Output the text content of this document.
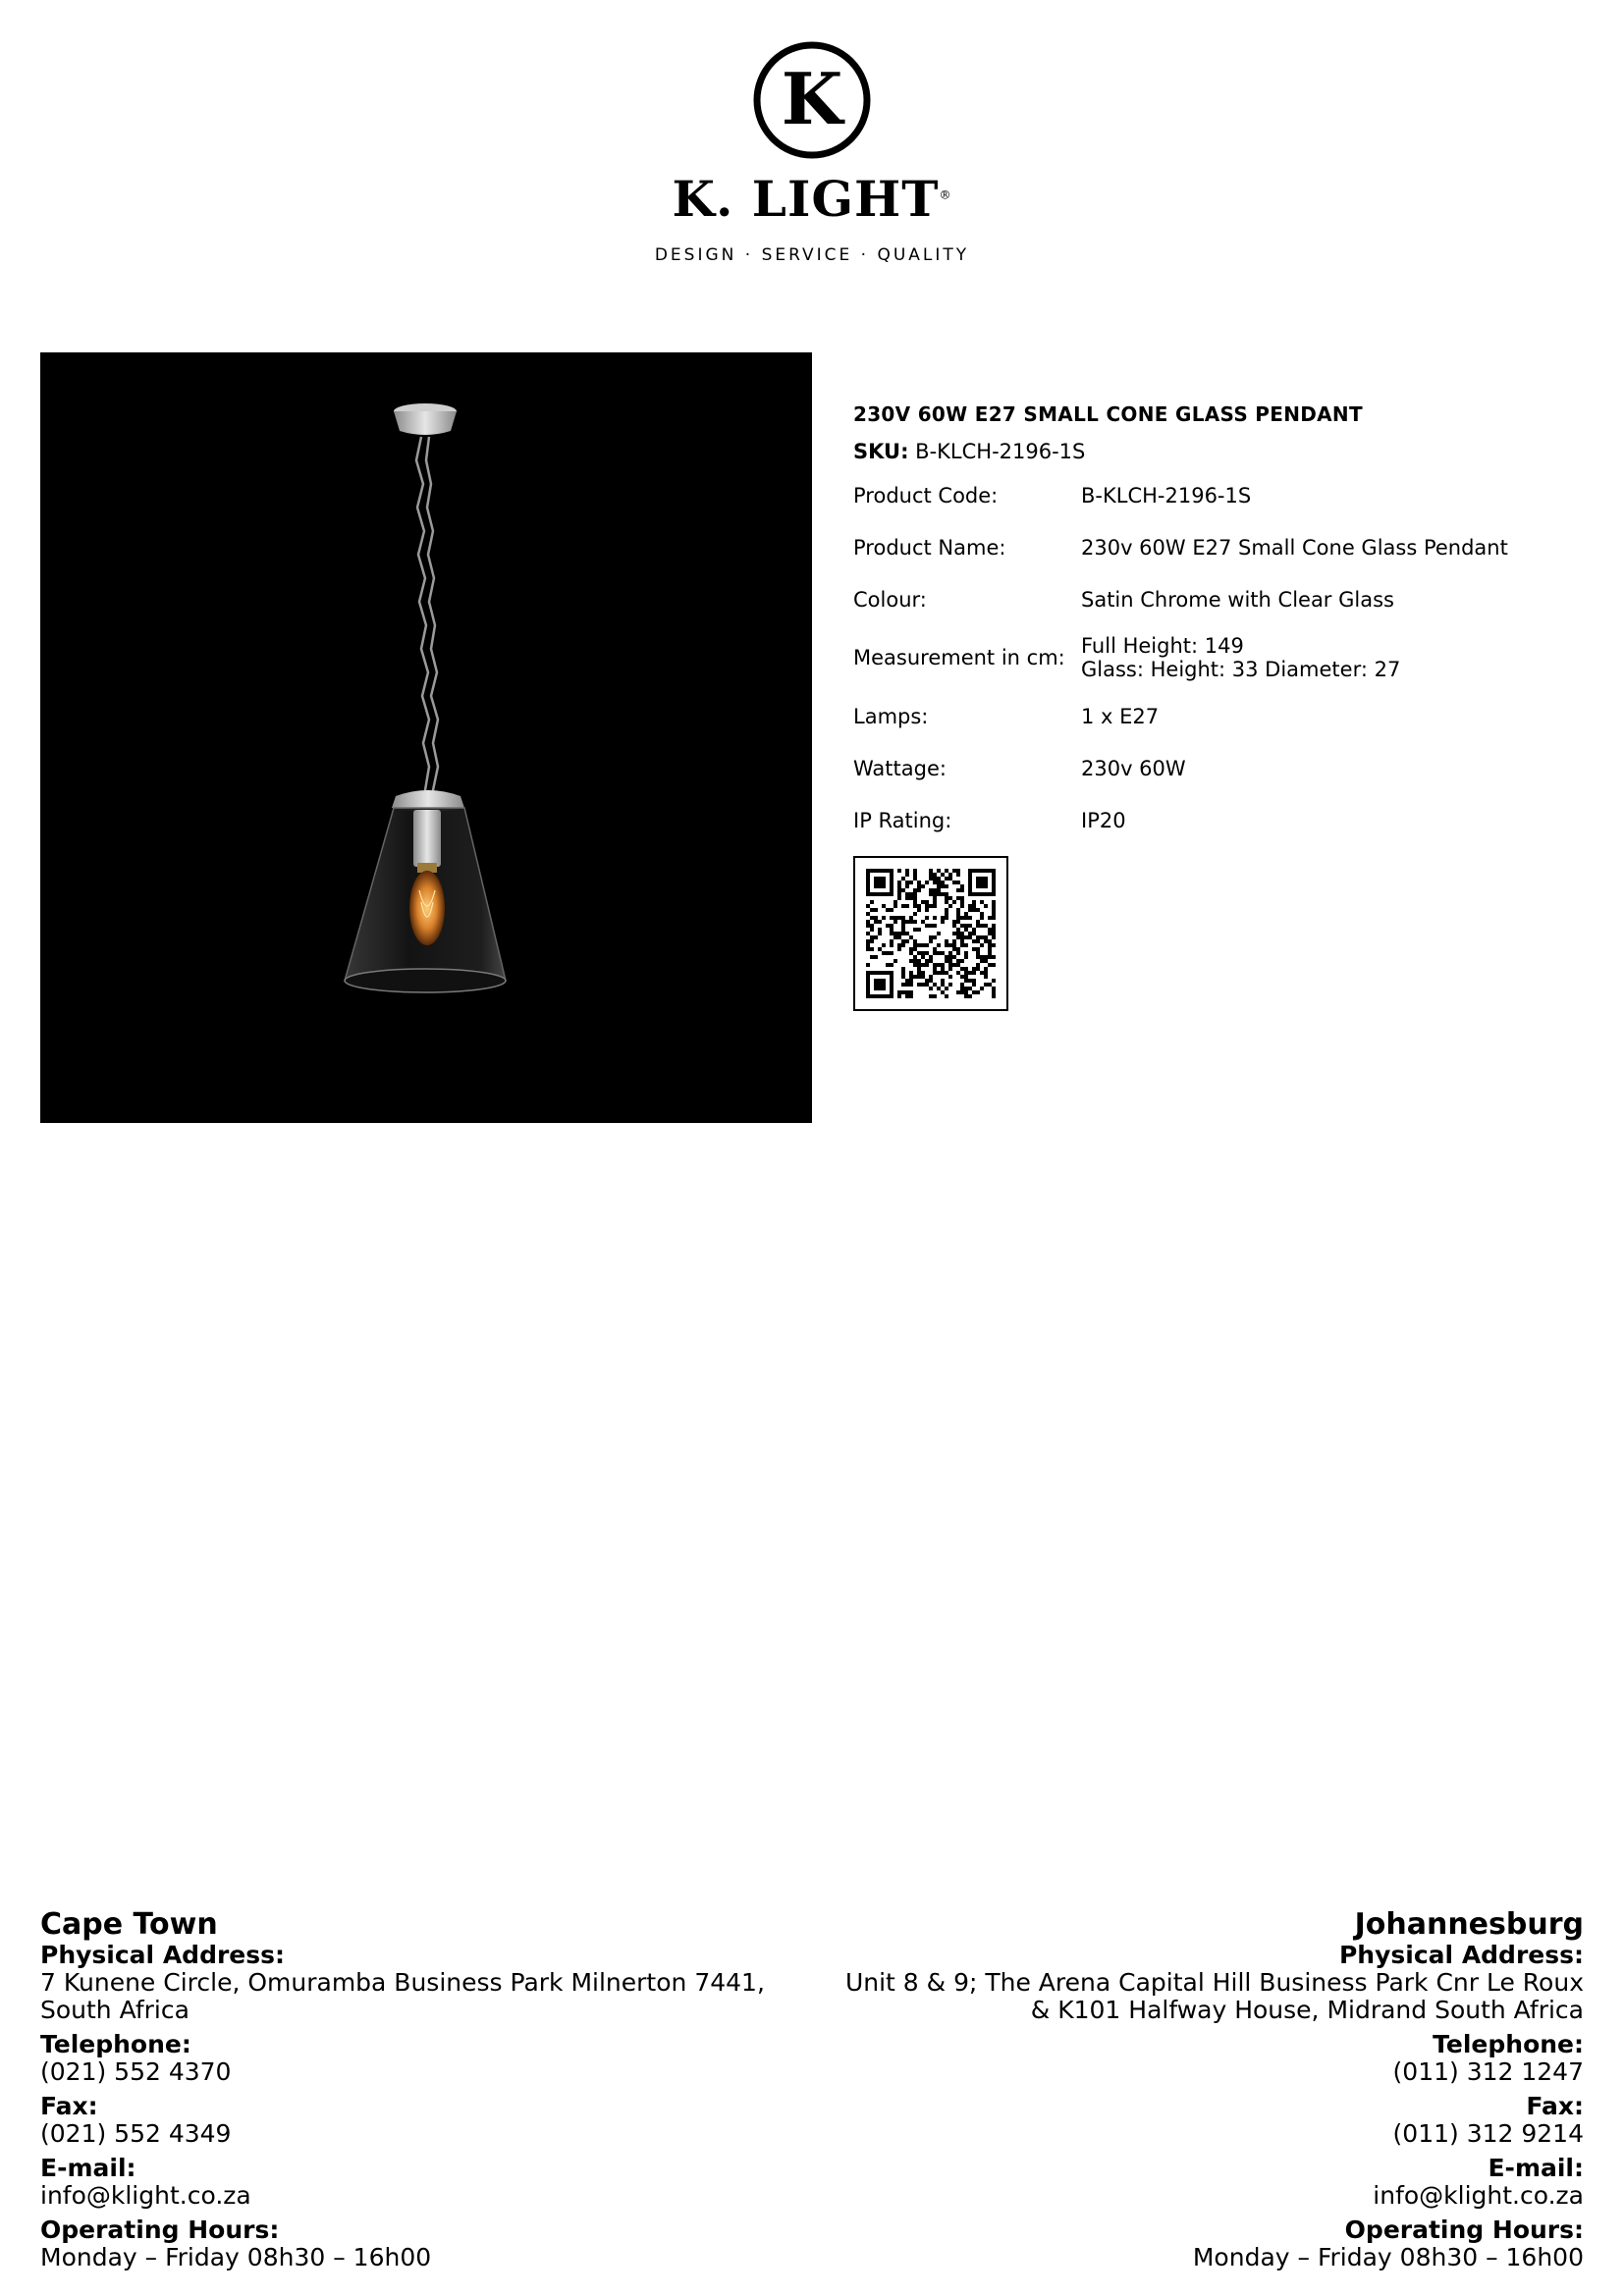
K
K. LIGHT®
DESIGN · SERVICE · QUALITY
230V 60W E27 SMALL CONE GLASS PENDANT
SKU: B-KLCH-2196-1S
Product Code:	B-KLCH-2196-1S
Product Name:	230v 60W E27 Small Cone Glass Pendant
Colour:	Satin Chrome with Clear Glass
Measurement in cm:	Full Height: 149
Glass: Height: 33 Diameter: 27

Lamps:	1 x E27
Wattage:	230v 60W
IP Rating:	IP20
Cape Town
Physical Address:
7 Kunene Circle, Omuramba Business Park Milnerton 7441,
South Africa
Telephone:
(021) 552 4370
Fax:
(021) 552 4349
E-mail:
info@klight.co.za
Operating Hours:
Monday – Friday 08h30 – 16h00
Johannesburg
Physical Address:
Unit 8 & 9; The Arena Capital Hill Business Park Cnr Le Roux
& K101 Halfway House, Midrand South Africa
Telephone:
(011) 312 1247
Fax:
(011) 312 9214
E-mail:
info@klight.co.za
Operating Hours:
Monday – Friday 08h30 – 16h00
